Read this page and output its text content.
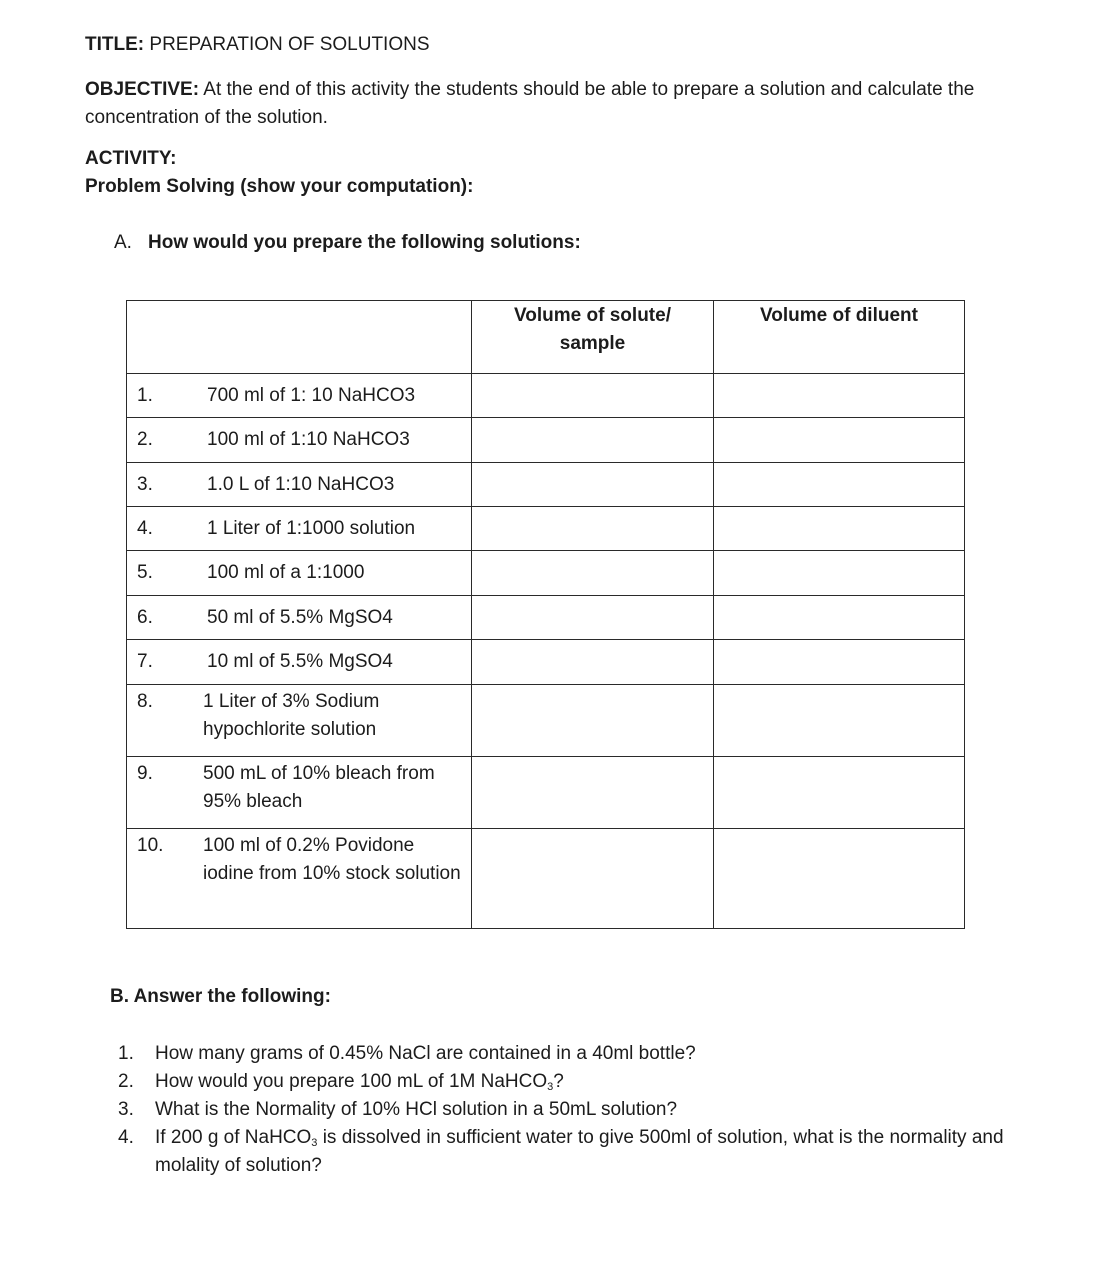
TITLE: PREPARATION OF SOLUTIONS
OBJECTIVE: At the end of this activity the students should be able to prepare a solution and calculate the concentration of the solution.
ACTIVITY:
Problem Solving (show your computation):
A. How would you prepare the following solutions:
	Volume of solute/ sample	Volume of diluent

1. 700 ml of 1: 10 NaHCO3		

2. 100 ml of 1:10 NaHCO3		

3. 1.0 L of 1:10 NaHCO3		

4. 1 Liter of 1:1000 solution		

5. 100 ml of a 1:1000		

6. 50 ml of 5.5% MgSO4		

7. 10 ml of 5.5% MgSO4		

8. 1 Liter of 3% Sodium hypochlorite solution		

9. 500 mL of 10% bleach from 95% bleach		

10. 100 ml of 0.2% Povidone iodine from 10% stock solution		

B. Answer the following:
1.	How many grams of 0.45% NaCl are contained in a 40ml bottle?
2.	How would you prepare 100 mL of 1M NaHCO$_3$?
3.	What is the Normality of 10% HCl solution in a 50mL solution?
4.	If 200 g of NaHCO$_3$ is dissolved in sufficient water to give 500ml of solution, what is the normality and molality of solution?
